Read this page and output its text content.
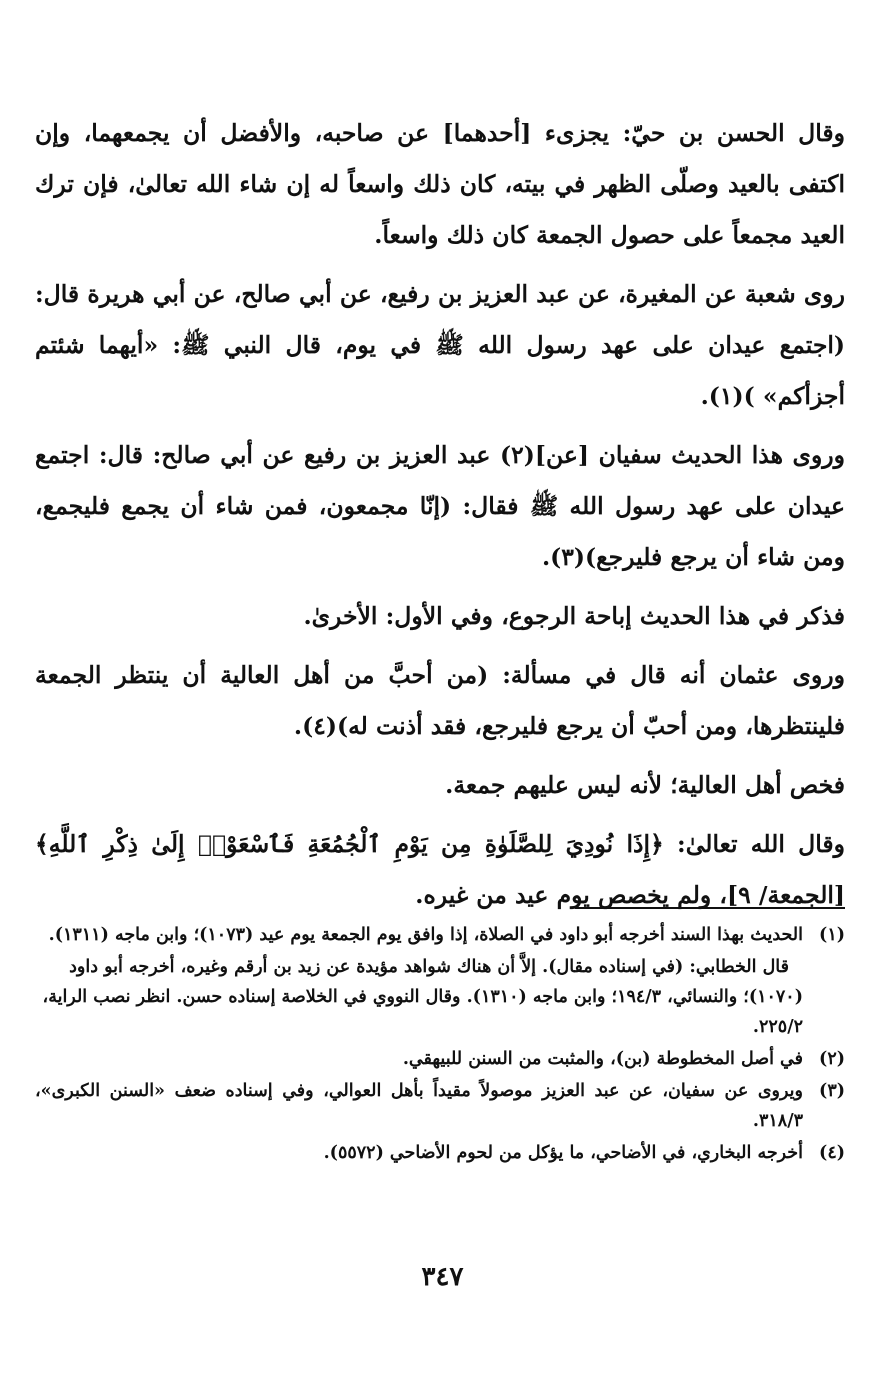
وقال الحسن بن حيّ: يجزىء [أحدهما] عن صاحبه، والأفضل أن يجمعهما، وإن اكتفى بالعيد وصلّى الظهر في بيته، كان ذلك واسعاً له إن شاء الله تعالىٰ، فإن ترك العيد مجمعاً على حصول الجمعة كان ذلك واسعاً.

روى شعبة عن المغيرة، عن عبد العزيز بن رفيع، عن أبي صالح، عن أبي هريرة قال: (اجتمع عيدان على عهد رسول الله ﷺ في يوم، قال النبي ﷺ: «أيهما شئتم أجزأكم» )(١).

وروى هذا الحديث سفيان [عن](٢) عبد العزيز بن رفيع عن أبي صالح: قال: اجتمع عيدان على عهد رسول الله ﷺ فقال: (إنّا مجمعون، فمن شاء أن يجمع فليجمع، ومن شاء أن يرجع فليرجع)(٣).

فذكر في هذا الحديث إباحة الرجوع، وفي الأول: الأخرىٰ.

وروى عثمان أنه قال في مسألة: (من أحبَّ من أهل العالية أن ينتظر الجمعة فلينتظرها، ومن أحبّ أن يرجع فليرجع، فقد أذنت له)(٤).

فخص أهل العالية؛ لأنه ليس عليهم جمعة.

وقال الله تعالىٰ: ﴿إِذَا نُودِيَ لِلصَّلَوٰةِ مِن يَوْمِ ٱلْجُمُعَةِ فَٱسْعَوْا۟ إِلَىٰ ذِكْرِ ٱللَّهِ﴾ [الجمعة/ ٩]، ولم يخصص يوم عيد من غيره.

(١)
الحديث بهذا السند أخرجه أبو داود في الصلاة، إذا وافق يوم الجمعة يوم عيد (١٠٧٣)؛ وابن ماجه (١٣١١).
قال الخطابي: (في إسناده مقال). إلاَّ أن هناك شواهد مؤيدة عن زيد بن أرقم وغيره، أخرجه أبو داود (١٠٧٠)؛ والنسائي، ١٩٤/٣؛ وابن ماجه (١٣١٠). وقال النووي في الخلاصة إسناده حسن. انظر نصب الراية، ٢٢٥/٢.
(٢)
في أصل المخطوطة (بن)، والمثبت من السنن للبيهقي.
(٣)
ويروى عن سفيان، عن عبد العزيز موصولاً مقيداً بأهل العوالي، وفي إسناده ضعف «السنن الكبرى»، ٣١٨/٣.
(٤)
أخرجه البخاري، في الأضاحي، ما يؤكل من لحوم الأضاحي (٥٥٧٢).
٣٤٧
